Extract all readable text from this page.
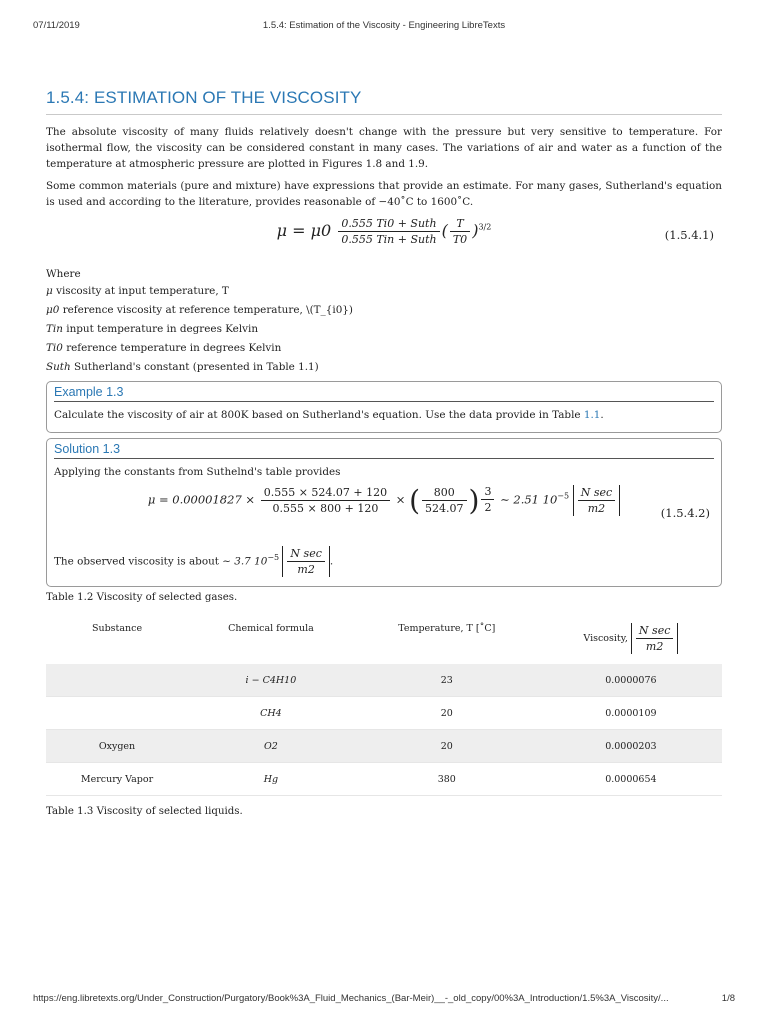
07/11/2019	1.5.4: Estimation of the Viscosity - Engineering LibreTexts
1.5.4: ESTIMATION OF THE VISCOSITY

The absolute viscosity of many fluids relatively doesn't change with the pressure but very sensitive to temperature. For isothermal flow, the viscosity can be considered constant in many cases. The variations of air and water as a function of the temperature at atmospheric pressure are plotted in Figures 1.8 and 1.9.

Some common materials (pure and mixture) have expressions that provide an estimate. For many gases, Sutherland's equation is used and according to the literature, provides reasonable of −40˚C to 1600˚C.

$\mu = \mu 0 \frac{\text{0.555 Ti0 + Suth}}{\text{0.555 Tin + Suth}}$ ( $\frac{T}{T0} )^{3/2}$
(1.5.4.1)

Where

μ viscosity at input temperature, T
μ0 reference viscosity at reference temperature, \(T_{i0})
Tin input temperature in degrees Kelvin
Ti0 reference temperature in degrees Kelvin
Suth Sutherland's constant (presented in Table 1.1)
Example 1.3

Calculate the viscosity of air at 800K based on Sutherland's equation. Use the data provide in Table 1.1.

Solution 1.3

Applying the constants from Suthelnd's table provides

$\mu = 0.00001827 \times \frac{0.555 \times 524.07 + 120}{0.555 \times 800 + 120}$ × ( $\frac{800}{524.07}$ ) $\frac{3}{2}$ ∼ 2.51 $10^{-5} \frac{\text{N sec}}{m2}$	(1.5.4.2)

The observed viscosity is about ∼ 3.7 $10^{-5} \frac{\text{N sec}}{m2}$ .

Table 1.2 Viscosity of selected gases.
Substance	Chemical formula	Temperature, T [˚C]	Viscosity, $\frac{\text{N sec}}{m2}$

	i − C4H10	23	0.0000076
	CH4	20	0.0000109
Oxygen	O2	20	0.0000203
Mercury Vapor	Hg	380	0.0000654
Table 1.3 Viscosity of selected liquids.
https://eng.libretexts.org/Under_Construction/Purgatory/Book%3A_Fluid_Mechanics_(Bar-Meir)__-_old_copy/00%3A_Introduction/1.5%3A_Viscosity/...	1/8
